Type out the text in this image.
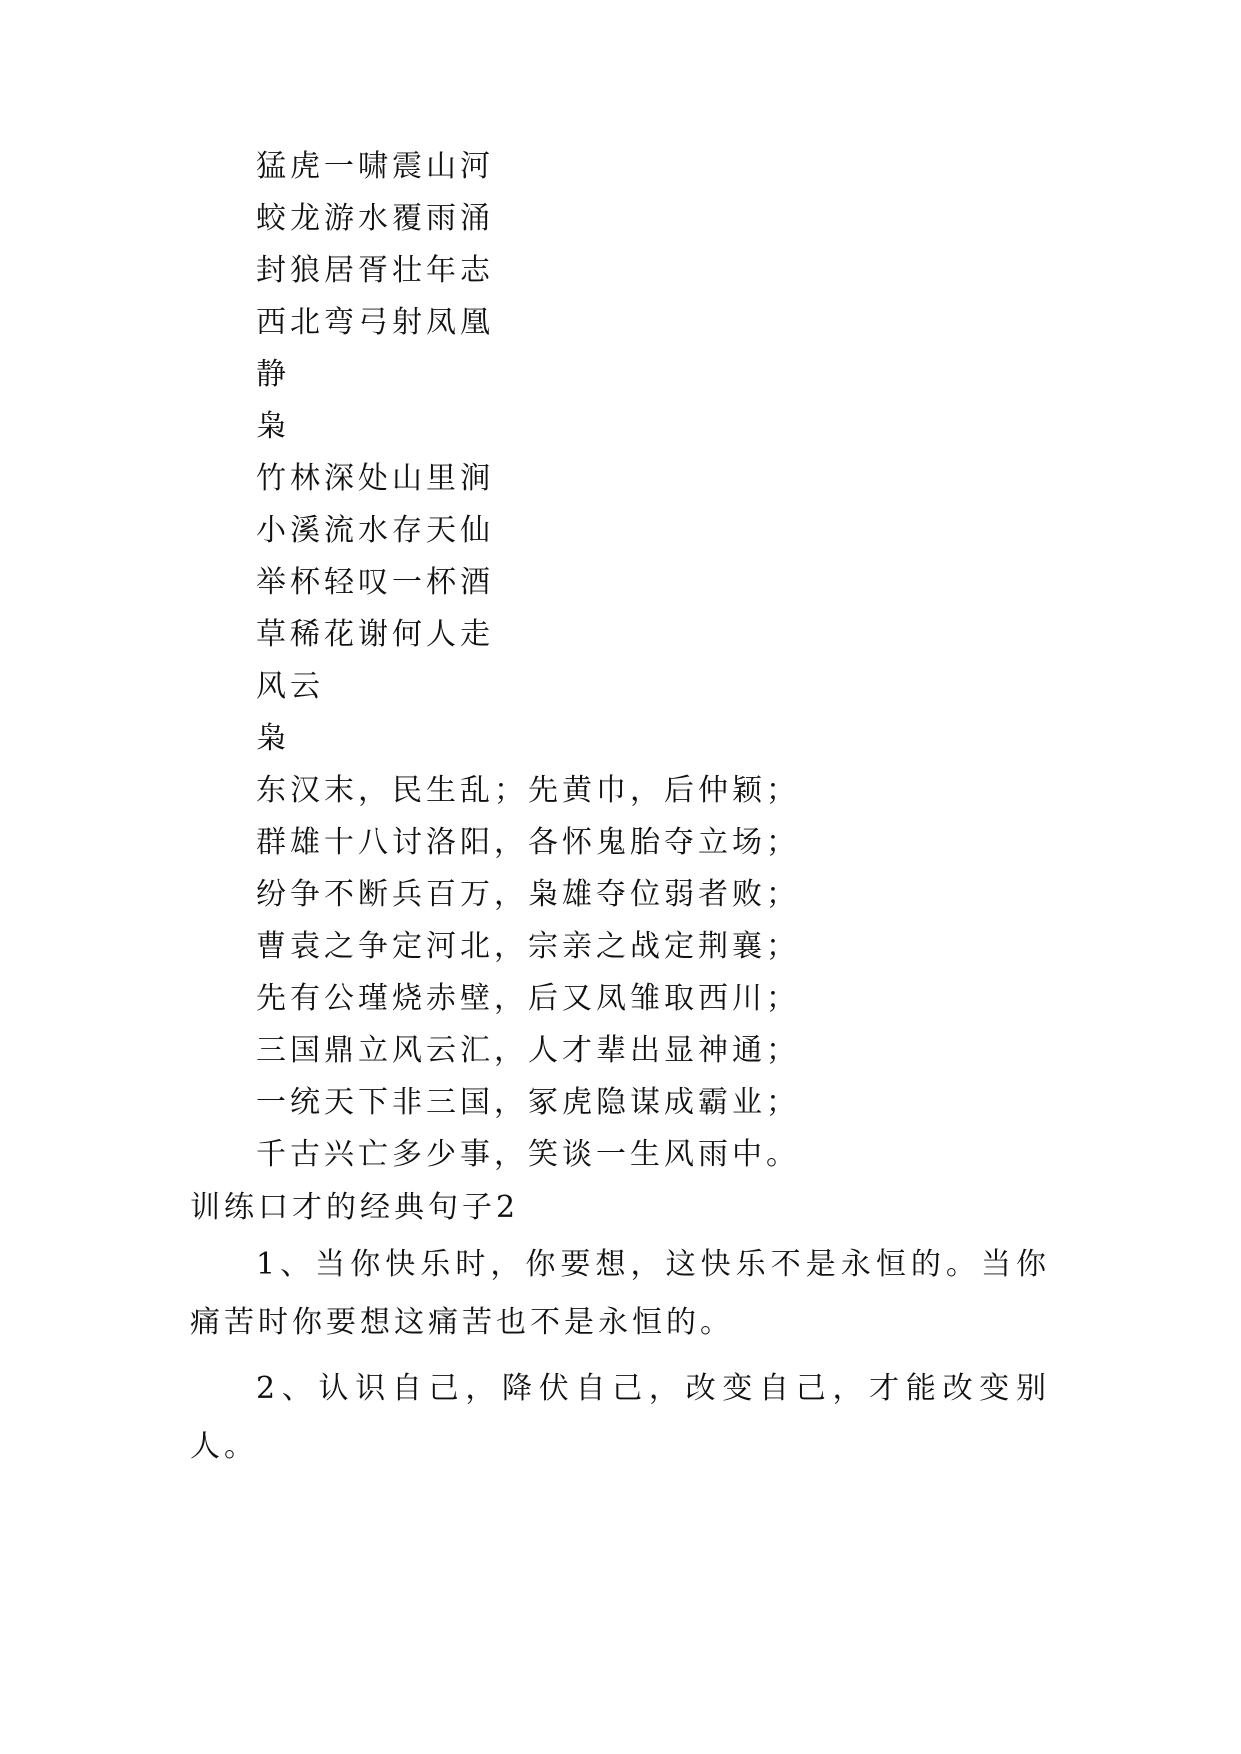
猛虎一啸震山河
蛟龙游水覆雨涌
封狼居胥壮年志
西北弯弓射凤凰
静
枭
竹林深处山里涧
小溪流水存天仙
举杯轻叹一杯酒
草稀花谢何人走
风云
枭
东汉末，民生乱；先黄巾，后仲颖；
群雄十八讨洛阳，各怀鬼胎夺立场；
纷争不断兵百万，枭雄夺位弱者败；
曹袁之争定河北，宗亲之战定荆襄；
先有公瑾烧赤壁，后又凤雏取西川；
三国鼎立风云汇，人才辈出显神通；
一统天下非三国，冢虎隐谋成霸业；
千古兴亡多少事，笑谈一生风雨中。
训练口才的经典句子2
1、当你快乐时，你要想，这快乐不是永恒的。当你痛苦时你要想这痛苦也不是永恒的。
2、认识自己，降伏自己，改变自己，才能改变别人。
